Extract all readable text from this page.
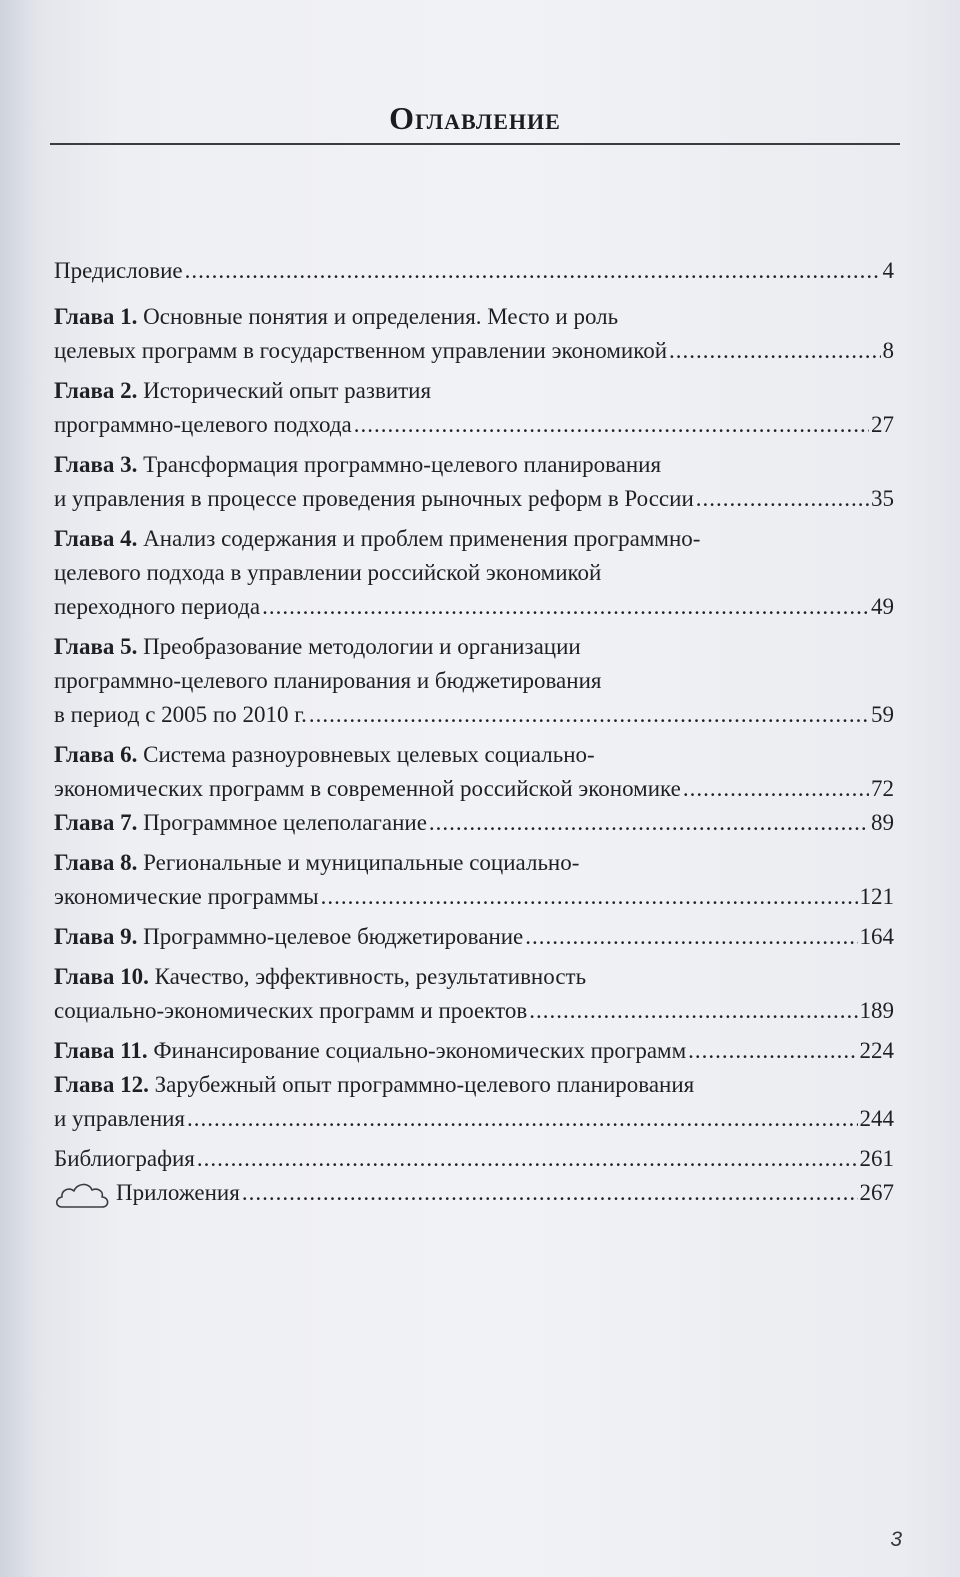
Оглавление
Предисловие .....	4
Глава 1. Основные понятия и определения. Место и роль
целевых программ в государственном управлении экономикой .....	8
Глава 2. Исторический опыт развития
программно-целевого подхода .....	27
Глава 3. Трансформация программно-целевого планирования
и управления в процессе проведения рыночных реформ в России .....	35
Глава 4. Анализ содержания и проблем применения программно-
целевого подхода в управлении российской экономикой
переходного периода .....	49
Глава 5. Преобразование методологии и организации
программно-целевого планирования и бюджетирования
в период с 2005 по 2010 г. .....	59
Глава 6. Система разноуровневых целевых социально-
экономических программ в современной российской экономике .....	72
Глава 7. Программное целеполагание .....	89
Глава 8. Региональные и муниципальные социально-
экономические программы .....	121
Глава 9. Программно-целевое бюджетирование .....	164
Глава 10. Качество, эффективность, результативность
социально-экономических программ и проектов .....	189
Глава 11. Финансирование социально-экономических программ .....	224
Глава 12. Зарубежный опыт программно-целевого планирования
и управления .....	244
Библиография .....	261
Приложения .....	267
3
